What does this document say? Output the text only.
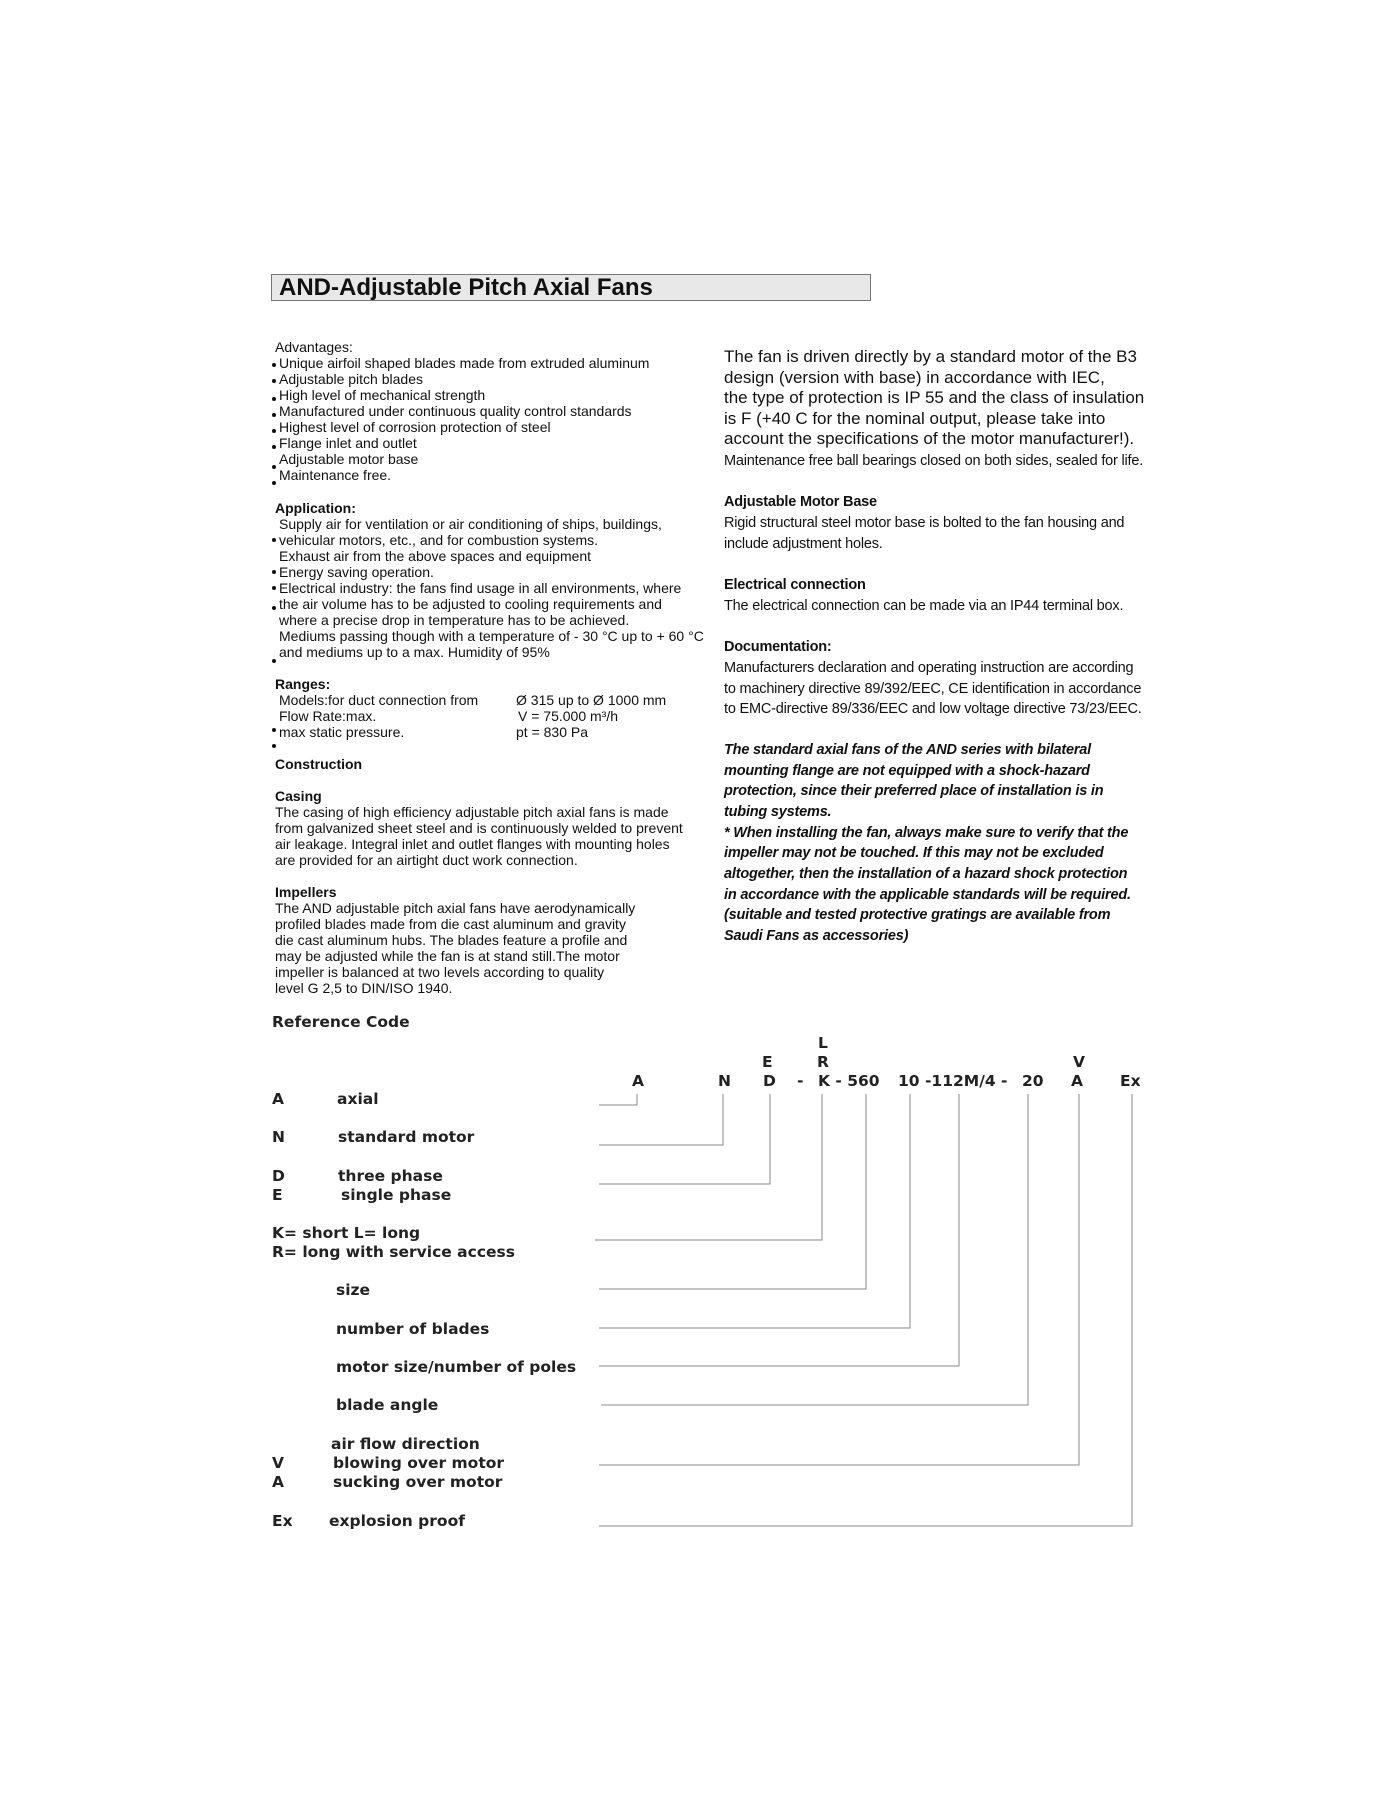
AND-Adjustable Pitch Axial Fans
Advantages:
Unique airfoil shaped blades made from extruded aluminum
Adjustable pitch blades
High level of mechanical strength
Manufactured under continuous quality control standards
Highest level of corrosion protection of steel
Flange inlet and outlet
Adjustable motor base
Maintenance free.
Application:
Supply air for ventilation or air conditioning of ships, buildings,
vehicular motors, etc., and for combustion systems.
Exhaust air from the above spaces and equipment
Energy saving operation.
Electrical industry: the fans find usage in all environments, where
the air volume has to be adjusted to cooling requirements and
where a precise drop in temperature has to be achieved.
Mediums passing though with a temperature of - 30 °C up to + 60 °C
and mediums up to a max. Humidity of 95%
Ranges:
Models:for duct connection from	Ø 315 up to Ø 1000 mm
Flow Rate:max.	V = 75.000 m³/h
max static pressure.	pt = 830 Pa
Construction
Casing
The casing of high efficiency adjustable pitch axial fans is made
from galvanized sheet steel and is continuously welded to prevent
air leakage. Integral inlet and outlet flanges with mounting holes
are provided for an airtight duct work connection.
Impellers
The AND adjustable pitch axial fans have aerodynamically
profiled blades made from die cast aluminum and gravity
die cast aluminum hubs. The blades feature a profile and
may be adjusted while the fan is at stand still.The motor
impeller is balanced at two levels according to quality
level G 2,5 to DIN/ISO 1940.
The fan is driven directly by a standard motor of the B3
design (version with base) in accordance with IEC,
the type of protection is IP 55 and the class of insulation
is F (+40 C for the nominal output, please take into
account the specifications of the motor manufacturer!).
Maintenance free ball bearings closed on both sides, sealed for life.
Adjustable Motor Base
Rigid structural steel motor base is bolted to the fan housing and
include adjustment holes.
Electrical connection
The electrical connection can be made via an IP44 terminal box.
Documentation:
Manufacturers declaration and operating instruction are according
to machinery directive 89/392/EEC, CE identification in accordance
to EMC-directive 89/336/EEC and low voltage directive 73/23/EEC.
The standard axial fans of the AND series with bilateral
mounting flange are not equipped with a shock-hazard
protection, since their preferred place of installation is in
tubing systems.
* When installing the fan, always make sure to verify that the
impeller may not be touched. If this may not be excluded
altogether, then the installation of a hazard shock protection
in accordance with the applicable standards will be required.
(suitable and tested protective gratings are available from
Saudi Fans as accessories)
Reference Code
E
L
R	V
A	N D - K - 560 10 -112M/4 - 20 A Ex
A	axial
N	standard motor
D	three phase
E	single phase
K= short L= long
R= long with service access
size
number of blades
motor size/number of poles
blade angle
air flow direction
V	blowing over motor
A	sucking over motor
Ex explosion proof
